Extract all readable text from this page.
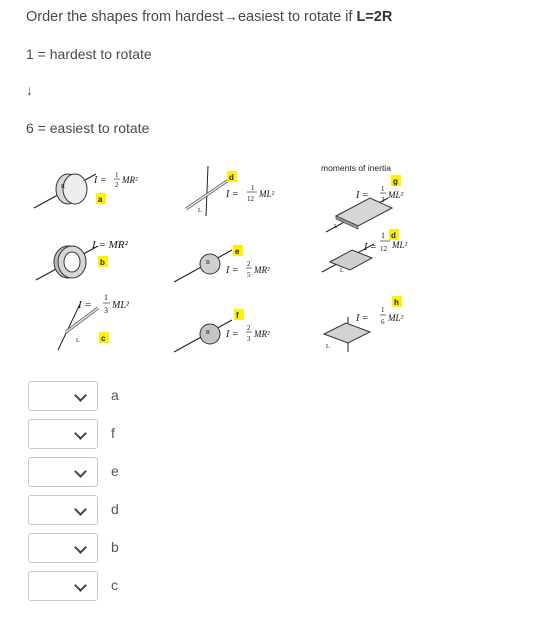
Order the shapes from hardest→easiest to rotate if L=2R
1 = hardest to rotate
↓
6 = easiest to rotate
moments of inertia
R
I = 1
2 MR²
a
I = MR²
b
L
I =
1
3 ML²
c
L
d
I =
1
12 ML²
R
e
I =
2
5 MR²
R
f
I =
2
3 MR²
L
g
I =
1
3 ML²
L
1 d
I = 12 ML²
L
h
I =
1
6 ML²
a
f
e
d
b
c
